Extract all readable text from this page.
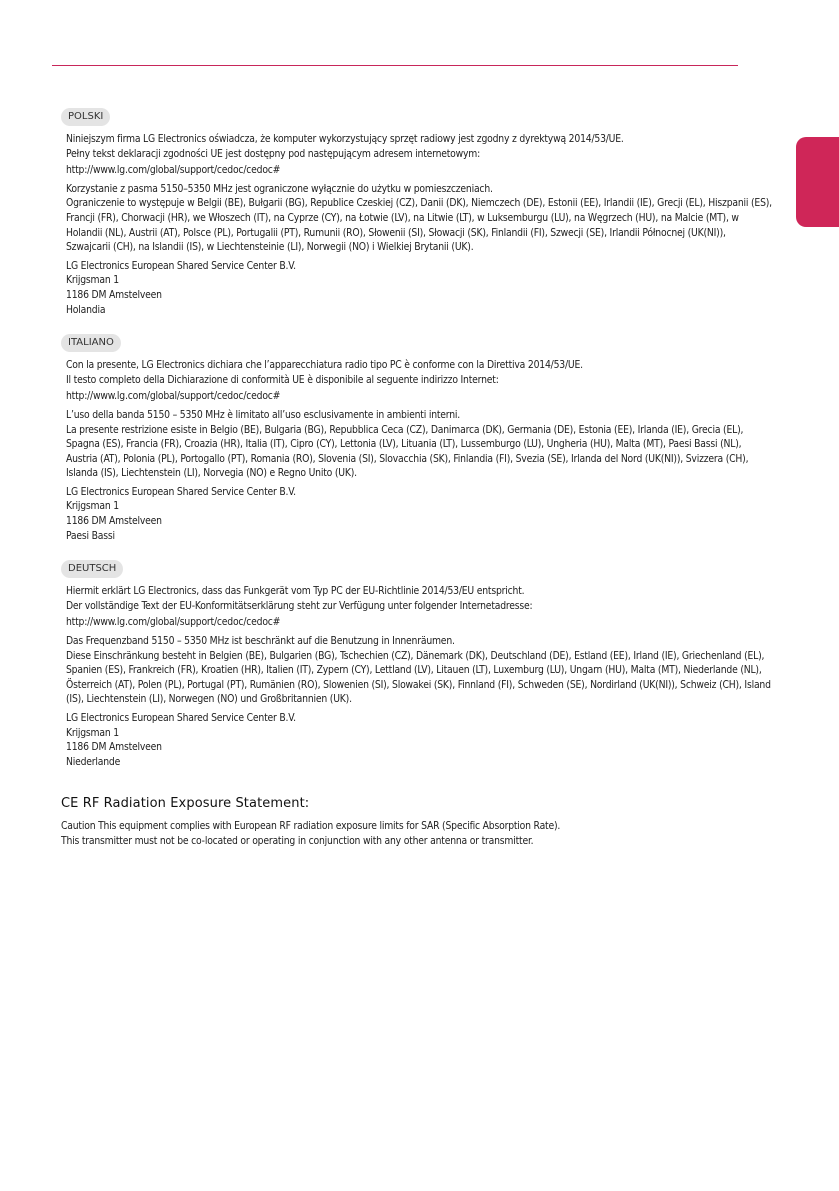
POLSKI

Niniejszym firma LG Electronics oświadcza, że komputer wykorzystujący sprzęt radiowy jest zgodny z dyrektywą 2014/53/UE.

Pełny tekst deklaracji zgodności UE jest dostępny pod następującym adresem internetowym:

http://www.lg.com/global/support/cedoc/cedoc#

Korzystanie z pasma 5150–5350 MHz jest ograniczone wyłącznie do użytku w pomieszczeniach.

Ograniczenie to występuje w Belgii (BE), Bułgarii (BG), Republice Czeskiej (CZ), Danii (DK), Niemczech (DE), Estonii (EE), Irlandii (IE), Grecji (EL), Hiszpanii (ES), Francji (FR), Chorwacji (HR), we Włoszech (IT), na Cyprze (CY), na Łotwie (LV), na Litwie (LT), w Luksemburgu (LU), na Węgrzech (HU), na Malcie (MT), w Holandii (NL), Austrii (AT), Polsce (PL), Portugalii (PT), Rumunii (RO), Słowenii (SI), Słowacji (SK), Finlandii (FI), Szwecji (SE), Irlandii Północnej (UK(NI)), Szwajcarii (CH), na Islandii (IS), w Liechtensteinie (LI), Norwegii (NO) i Wielkiej Brytanii (UK).

LG Electronics European Shared Service Center B.V.

Krijgsman 1

1186 DM Amstelveen

Holandia

ITALIANO

Con la presente, LG Electronics dichiara che l’apparecchiatura radio tipo PC è conforme con la Direttiva 2014/53/UE.

Il testo completo della Dichiarazione di conformità UE è disponibile al seguente indirizzo Internet:

http://www.lg.com/global/support/cedoc/cedoc#

L’uso della banda 5150 – 5350 MHz è limitato all’uso esclusivamente in ambienti interni.

La presente restrizione esiste in Belgio (BE), Bulgaria (BG), Repubblica Ceca (CZ), Danimarca (DK), Germania (DE), Estonia (EE), Irlanda (IE), Grecia (EL), Spagna (ES), Francia (FR), Croazia (HR), Italia (IT), Cipro (CY), Lettonia (LV), Lituania (LT), Lussemburgo (LU), Ungheria (HU), Malta (MT), Paesi Bassi (NL), Austria (AT), Polonia (PL), Portogallo (PT), Romania (RO), Slovenia (SI), Slovacchia (SK), Finlandia (FI), Svezia (SE), Irlanda del Nord (UK(NI)), Svizzera (CH), Islanda (IS), Liechtenstein (LI), Norvegia (NO) e Regno Unito (UK).

LG Electronics European Shared Service Center B.V.

Krijgsman 1

1186 DM Amstelveen

Paesi Bassi

DEUTSCH

Hiermit erklärt LG Electronics, dass das Funkgerät vom Typ PC der EU-Richtlinie 2014/53/EU entspricht.

Der vollständige Text der EU-Konformitätserklärung steht zur Verfügung unter folgender Internetadresse:

http://www.lg.com/global/support/cedoc/cedoc#

Das Frequenzband 5150 – 5350 MHz ist beschränkt auf die Benutzung in Innenräumen.

Diese Einschränkung besteht in Belgien (BE), Bulgarien (BG), Tschechien (CZ), Dänemark (DK), Deutschland (DE), Estland (EE), Irland (IE), Griechenland (EL), Spanien (ES), Frankreich (FR), Kroatien (HR), Italien (IT), Zypern (CY), Lettland (LV), Litauen (LT), Luxemburg (LU), Ungarn (HU), Malta (MT), Niederlande (NL), Österreich (AT), Polen (PL), Portugal (PT), Rumänien (RO), Slowenien (SI), Slowakei (SK), Finnland (FI), Schweden (SE), Nordirland (UK(NI)), Schweiz (CH), Island (IS), Liechtenstein (LI), Norwegen (NO) und Großbritannien (UK).

LG Electronics European Shared Service Center B.V.

Krijgsman 1

1186 DM Amstelveen

Niederlande

CE RF Radiation Exposure Statement:

Caution This equipment complies with European RF radiation exposure limits for SAR (Specific Absorption Rate).

This transmitter must not be co-located or operating in conjunction with any other antenna or transmitter.
